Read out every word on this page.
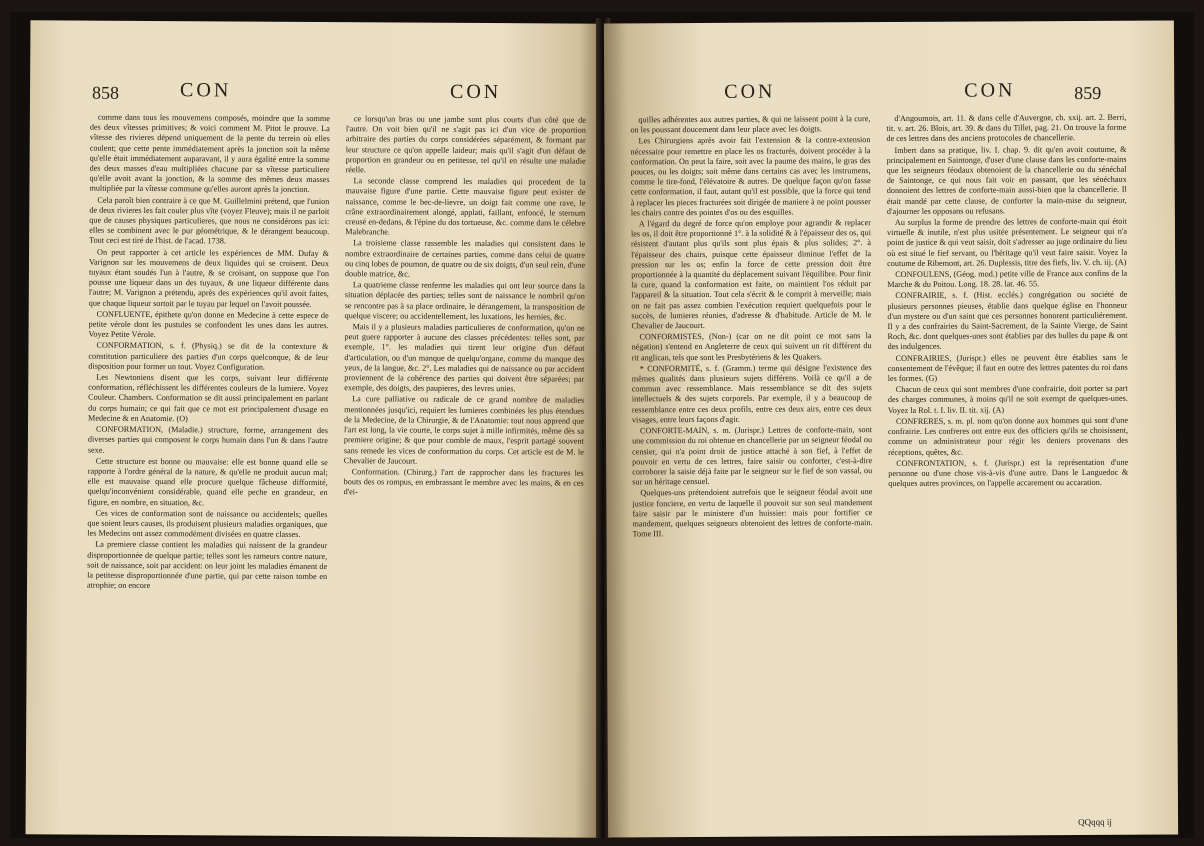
858	CON	CON

comme dans tous les mouvemens composés, moindre que la somme des deux vîtesses primitives; & voici comment M. Pitot le prouve. La vîtesse des rivieres dépend uniquement de la pente du terrein où elles coulent; que cette pente immédiatement après la jonction soit la même qu'elle était immédiatement auparavant, il y aura égalité entre la somme des deux masses d'eau multipliées chacune par sa vîtesse particuliere qu'elle avoit avant la jonction, & la somme des mêmes deux masses multipliée par la vîtesse commune qu'elles auront après la jonction.

Cela paroît bien contraire à ce que M. Guillelmini prétend, que l'union de deux rivieres les fait couler plus vîte (voyez Fleuve); mais il ne parloit que de causes physiques particulieres, que nous ne considérons pas ici: elles se combinent avec le pur géométrique, & le dérangent beaucoup. Tout ceci est tiré de l'hist. de l'acad. 1738.

On peut rapporter à cet article les expériences de MM. Dufay & Varignon sur les mouvemens de deux liquides qui se croisent. Deux tuyaux étant soudés l'un à l'autre, & se croisant, on suppose que l'on pousse une liqueur dans un des tuyaux, & une liqueur différente dans l'autre; M. Varignon a prétendu, après des expériences qu'il avoit faites, que chaque liqueur sortoit par le tuyau par lequel on l'avoit poussée.

CONFLUENTE, épithete qu'on donne en Medecine à cette espece de petite vérole dont les pustules se confondent les unes dans les autres. Voyez Petite Vérole.

CONFORMATION, s. f. (Physiq.) se dit de la contexture & constitution particuliere des parties d'un corps quelconque, & de leur disposition pour former un tout. Voyez Configuration.

Les Newtoniens disent que les corps, suivant leur différente conformation, réfléchissent les différentes couleurs de la lumiere. Voyez Couleur. Chambers. Conformation se dit aussi principalement en parlant du corps humain; ce qui fait que ce mot est principalement d'usage en Medecine & en Anatomie. (O)

CONFORMATION, (Maladie.) structure, forme, arrangement des diverses parties qui composent le corps humain dans l'un & dans l'autre sexe.

Cette structure est bonne ou mauvaise: elle est bonne quand elle se rapporte à l'ordre général de la nature, & qu'elle ne produit aucun mal; elle est mauvaise quand elle procure quelque fâcheuse difformité, quelqu'inconvénient considérable, quand elle peche en grandeur, en figure, en nombre, en situation, &c.

Ces vices de conformation sont de naissance ou accidentels; quelles que soient leurs causes, ils produisent plusieurs maladies organiques, que les Medecins ont assez commodément divisées en quatre classes.

La premiere classe contient les maladies qui naissent de la grandeur disproportionnée de quelque partie; telles sont les rameurs contre nature, soit de naissance, soit par accident: on leur joint les maladies émanent de la petitesse disproportionnée d'une partie, qui par cette raison tombe en atrophie; on encore

ce lorsqu'un bras ou une jambe sont plus courts d'un côté que de l'autre. On voit bien qu'il ne s'agit pas ici d'un vice de proportion arbitraire des parties du corps considérées séparément, & formant par leur structure ce qu'on appelle laideur; mais qu'il s'agit d'un défaut de proportion en grandeur ou en petitesse, tel qu'il en résulte une maladie réelle.

La seconde classe comprend les maladies qui procedent de la mauvaise figure d'une partie. Cette mauvaise figure peut exister de naissance, comme le bec-de-lievre, un doigt fait comme une rave, le crâne extraordinairement alongé, applati, faillant, enfoncé, le sternum creusé en-dedans, & l'épine du dos tortueuse, &c. comme dans le célebre Malebranche.

La troisieme classe rassemble les maladies qui consistent dans le nombre extraordinaire de certaines parties, comme dans celui de quatre ou cinq lobes de poumon, de quatre ou de six doigts, d'un seul rein, d'une double matrice, &c.

La quatrieme classe renferme les maladies qui ont leur source dans la situation déplacée des parties; telles sont de naissance le nombril qu'on se rencontre pas à sa place ordinaire, le dérangement, la transposition de quelque viscere; ou accidentellement, les luxations, les hernies, &c.

Mais il y a plusieurs maladies particulieres de conformation, qu'on ne peut guere rapporter à aucune des classes précédentes: telles sont, par exemple, 1°. les maladies qui tirent leur origine d'un défaut d'articulation, ou d'un manque de quelqu'organe, comme du manque des yeux, de la langue, &c. 2°. Les maladies qui de naissance ou par accident proviennent de la cohérence des parties qui doivent être séparées; par exemple, des doigts, des paupieres, des levres unies.

La cure palliative ou radicale de ce grand nombre de maladies mentionnées jusqu'ici, requiert les lumieres combinées les plus étendues de la Medecine, de la Chirurgie, & de l'Anatomie: tout nous apprend que l'art est long, la vie courte, le corps sujet à mille infirmités, même dès sa premiere origine; & que pour comble de maux, l'esprit partagé souvent sans remede les vices de conformation du corps. Cet article est de M. le Chevalier de Jaucourt.

Conformation. (Chirurg.) l'art de rapprocher dans les fractures les bouts des os rompus, en embrassant le membre avec les mains, & en ces d'ei-

CON	CON	859

quilles adhérentes aux autres parties, & qui ne laissent point à la cure, on les poussant doucement dans leur place avec les doigts.

Les Chirurgiens après avoir fait l'extension & la contre-extension nécessaire pour remettre en place les os fracturés, doivent procéder à la conformation. On peut la faire, soit avec la paume des mains, le gras des pouces, ou les doigts; soit même dans certains cas avec les instrumens, comme le tire-fond, l'élévatoire & autres. De quelque façon qu'on fasse cette conformation, il faut, autant qu'il est possible, que la force qui tend à replacer les pieces fracturées soit dirigée de maniere à ne point pousser les chairs contre des pointes d'os ou des esquilles.

A l'égard du degré de force qu'on employe pour agrandir & replacer les os, il doit être proportionné 1°. à la solidité & à l'épaisseur des os, qui résistent d'autant plus qu'ils sont plus épais & plus solides; 2°. à l'épaisseur des chairs, puisque cette épaisseur diminue l'effet de la pression sur les os; enfin la force de cette pression doit être proportionnée à la quantité du déplacement suivant l'équilibre. Pour finir la cure, quand la conformation est faite, on maintient l'os réduit par l'appareil & la situation. Tout cela s'écrit & le comprit à merveille; mais on ne fait pas assez combien l'exécution requiert quelquefois pour le succès, de lumieres réunies, d'adresse & d'habitude. Article de M. le Chevalier de Jaucourt.

CONFORMISTES, (Non-) (car on ne dit point ce mot sans la négation) s'entend en Angleterre de ceux qui suivent un rit différent du rit anglican, tels que sont les Presbytériens & les Quakers.

* CONFORMITÉ, s. f. (Gramm.) terme qui désigne l'existence des mêmes qualités dans plusieurs sujets différens. Voilà ce qu'il a de commun avec ressemblance. Mais ressemblance se dit des sujets intellectuels & des sujets corporels. Par exemple, il y a beaucoup de ressemblance entre ces deux profils, entre ces deux airs, entre ces deux visages, entre leurs façons d'agir.

CONFORTE-MAIN, s. m. (Jurispr.) Lettres de conforte-main, sont une commission du roi obtenue en chancellerie par un seigneur féodal ou censier, qui n'a point droit de justice attaché à son fief, à l'effet de pouvoir en vertu de ces lettres, faire saisir ou conforter, c'est-à-dire corroborer la saisie déjà faite par le seigneur sur le fief de son vassal, ou sur un héritage censuel.

Quelques-uns prétendoient autrefois que le seigneur féodal avoit une justice fonciere, en vertu de laquelle il pouvoit sur son seul mandement faire saisir par le ministere d'un huissier: mais pour fortifier ce mandement, quelques seigneurs obtenoient des lettres de conforte-main. Tome III.

d'Angoumois, art. 11. & dans celle d'Auvergne, ch. xxij. art. 2. Berri, tit. v. art. 26. Blois, art. 39. & dans du Tillet, pag. 21. On trouve la forme de ces lettres dans des anciens protocoles de chancellerie.

Imbert dans sa pratique, liv. I. chap. 9. dit qu'en avoit coutume, & principalement en Saintonge, d'user d'une clause dans les conforte-mains que les seigneurs féodaux obtenoient de la chancellerie ou du sénéchal de Saintonge, ce qui nous fait voir en passant, que les sénéchaux donnoient des lettres de conforte-main aussi-bien que la chancellerie. Il était mandé par cette clause, de conforter la main-mise du seigneur, d'ajourner les opposans ou refusans.

Au surplus la forme de prendre des lettres de conforte-main qui étoit virtuelle & inutile, n'est plus usitée présentement. Le seigneur qui n'a point de justice & qui veut saisir, doit s'adresser au juge ordinaire du lieu où est situé le fief servant, ou l'héritage qu'il veut faire saisir. Voyez la coutume de Ribemont, art. 26. Duplessis, titre des fiefs, liv. V. ch. iij. (A)

CONFOULENS, (Géog. mod.) petite ville de France aux confins de la Marche & du Poitou. Long. 18. 28. lat. 46. 55.

CONFRAIRIE, s. f. (Hist. ecclés.) congrégation ou société de plusieurs personnes pieuses, établie dans quelque église en l'honneur d'un mystere ou d'un saint que ces personnes honorent particuliérement. Il y a des confrairies du Saint-Sacrement, de la Sainte Vierge, de Saint Roch, &c. dont quelques-unes sont établies par des bulles du pape & ont des indulgences.

CONFRAIRIES, (Jurispr.) elles ne peuvent être établies sans le consentement de l'évêque; il faut en outre des lettres patentes du roi dans les formes. (G)

Chacun de ceux qui sont membres d'une confrairie, doit porter sa part des charges communes, à moins qu'il ne soit exempt de quelques-unes. Voyez la Rol. t. I. liv. II. tit. xij. (A)

CONFRERES, s. m. pl. nom qu'on donne aux hommes qui sont d'une confrairie. Les confreres ont entre eux des officiers qu'ils se choisissent, comme un administrateur pour régir les deniers provenans des réceptions, quêtes, &c.

CONFRONTATION, s. f. (Jurispr.) est la représentation d'une personne ou d'une chose vis-à-vis d'une autre. Dans le Languedoc & quelques autres provinces, on l'appelle accarement ou accaration.

QQqqq ij
